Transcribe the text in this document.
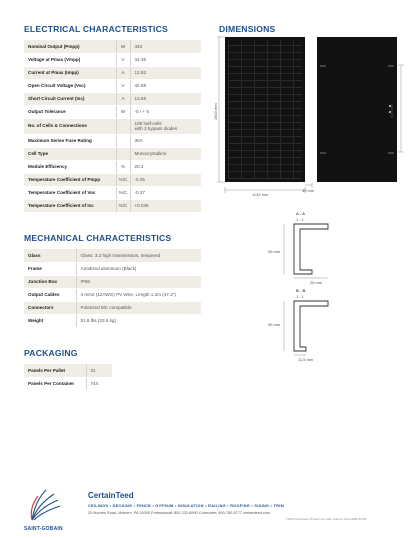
ELECTRICAL CHARACTERISTICS	DIMENSIONS
MECHANICAL CHARACTERISTICS
PACKAGING
Nominal Output (Pmpp)	W	440
Voltage at Pmax (Vmpp)	V	34.35
Current at Pmax (Impp)	A	12.82
Open Circuit Voltage (Voc)	V	42.88
Short Circuit Current (Isc)	A	13.66
Output Tolerance	W	-0 / + 5
No. of Cells & Connections		108 half-cells
with 3 bypass diodes

Maximum Series Fuse Rating		30A
Cell Type		Monocrystalline
Module Efficiency	%	20.4
Temperature Coefficient of Pmpp	%/C	-0.35
Temperature Coefficient of Voc	%/C	-0.27
Temperature Coefficient of Isc	%/C	+0.045
Glass	Glass: 3.2 high transmission, tempered
Frame	Anodized aluminum (Black)
Junction Box	IP68
Output Cables	4 mm2 (12AWG) PV Wire, Length 1.2m (47.2")
Connectors	Polarized MC compatible
Weight	51.8 lbs (23.5 kg)
Panels Per Pallet	31
Panels Per Container	744
1903 mm
1134 mm
35 mm
800 mm
A - A
1 : 1
35 mm
28 mm
B - B
1 : 1
35 mm
11.5 mm
SAINT-GOBAIN
CertainTeed
CEILINGS • DECKING • FENCE • GYPSUM • INSULATION • RAILING • ROOFING • SIDING • TRIM
20 Moores Road, Malvern, PA 19355 Professional: 800-233-8990 Consumer: 800-782-8777 certainteed.com
©2023 CertainTeed, Printed in the USA, Code No. 00-11-0985-00-596
